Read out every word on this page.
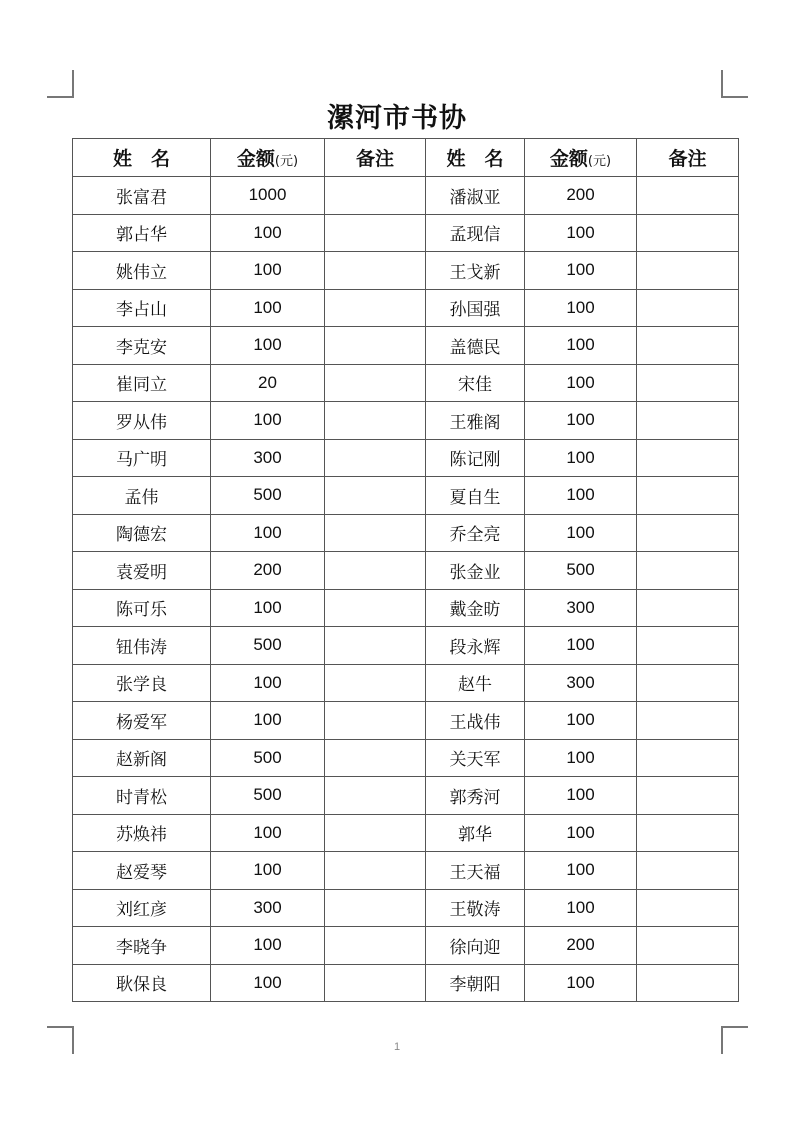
漯河市书协
姓　名	金额(元)	备注	姓　名	金额(元)	备注
张富君	1000		潘淑亚	200	
郭占华	100		孟现信	100	
姚伟立	100		王戈新	100	
李占山	100		孙国强	100	
李克安	100		盖德民	100	
崔同立	20		宋佳	100	
罗从伟	100		王雅阁	100	
马广明	300		陈记刚	100	
孟伟	500		夏自生	100	
陶德宏	100		乔全亮	100	
袁爱明	200		张金业	500	
陈可乐	100		戴金昉	300	
钮伟涛	500		段永辉	100	
张学良	100		赵牛	300	
杨爱军	100		王战伟	100	
赵新阁	500		关天军	100	
时青松	500		郭秀河	100	
苏焕祎	100		郭华	100	
赵爱琴	100		王天福	100	
刘红彦	300		王敬涛	100	
李晓争	100		徐向迎	200	
耿保良	100		李朝阳	100	
1
